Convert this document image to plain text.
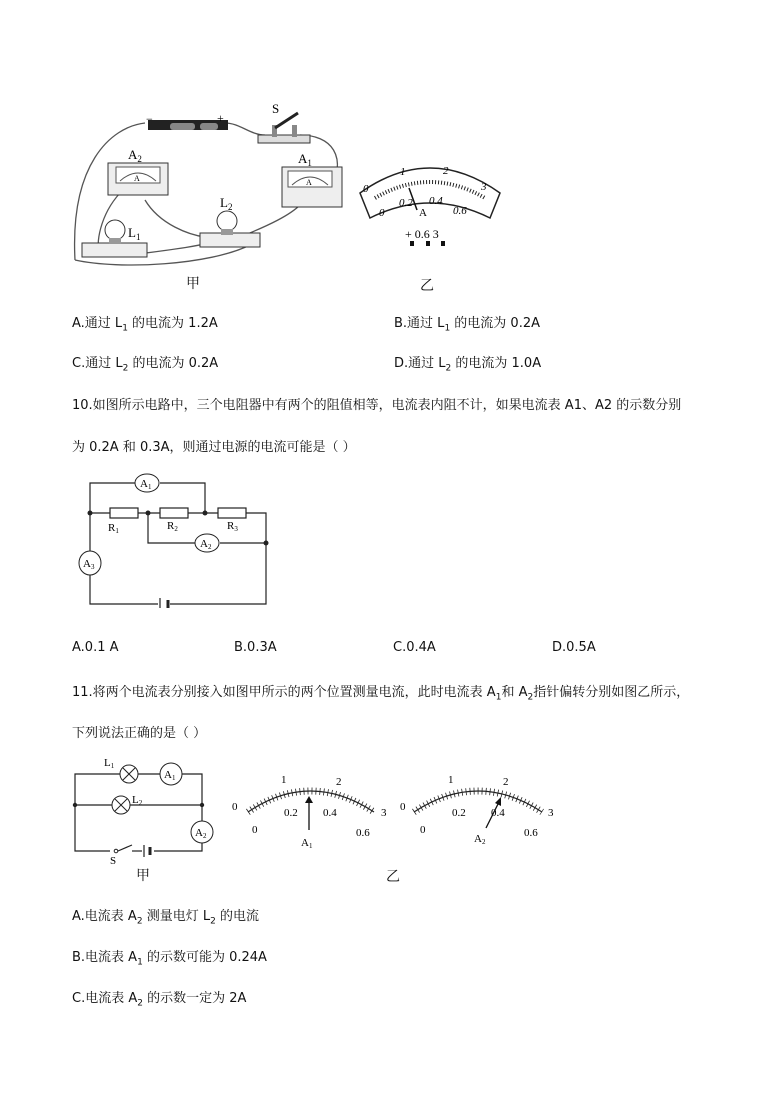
−	+
S
A
$A_2$
A
$A_1$
$L_1$
$L_2$
0
1	2
3
0
0.2 0.4
0.6
A
+ 0.6 3
甲	乙
A.通过 $L_1$ 的电流为 1.2A	B.通过 $L_1$ 的电流为 0.2A
C.通过 $L_2$ 的电流为 0.2A	D.通过 $L_2$ 的电流为 1.0A
10.如图所示电路中，三个电阻器中有两个的阻值相等，电流表内阻不计，如果电流表 A1、A2 的示数分别
为 0.2A 和 0.3A，则通过电源的电流可能是（ ）
A1
A2
A3
R1	R2	R3
A.0.1 A	B.0.3A	C.0.4A	D.0.5A
11.将两个电流表分别接入如图甲所示的两个位置测量电流，此时电流表 $A_1$和 $A_2$指针偏转分别如图乙所示，
下列说法正确的是（ ）
L1
L2
A1
A2
S
0
1	2
3
0
0.2 0.4
0.6
A1
0
1	2
3
0
0.2 0.4
0.6
A2
甲	乙
A.电流表 $A_2$ 测量电灯 $L_2$ 的电流
B.电流表 $A_1$ 的示数可能为 0.24A
C.电流表 $A_2$ 的示数一定为 2A
